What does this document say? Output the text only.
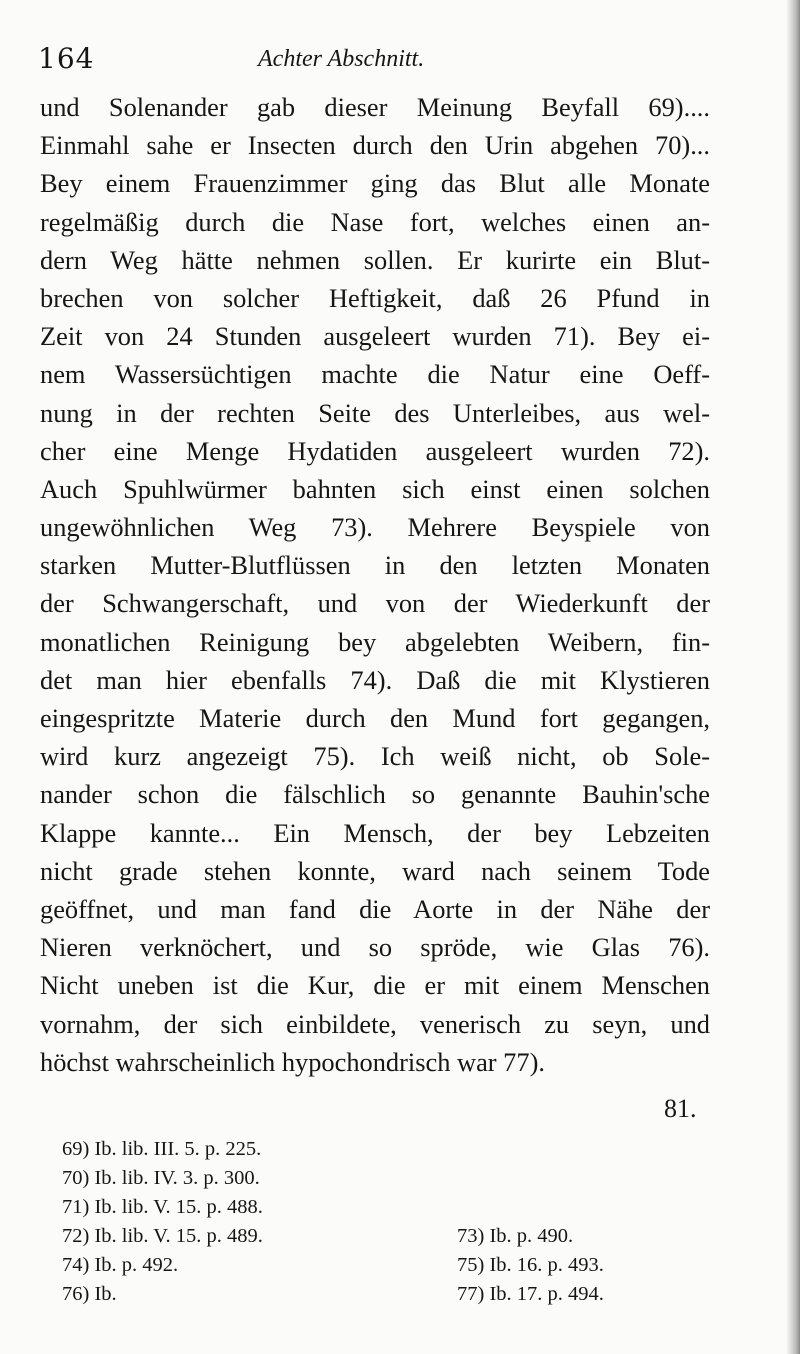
164	Achter Abschnitt.
und Solenander gab dieser Meinung Beyfall 69)....
Einmahl sahe er Insecten durch den Urin abgehen 70)...
Bey einem Frauenzimmer ging das Blut alle Monate
regelmäßig durch die Nase fort, welches einen an-
dern Weg hätte nehmen sollen. Er kurirte ein Blut-
brechen von solcher Heftigkeit, daß 26 Pfund in
Zeit von 24 Stunden ausgeleert wurden 71). Bey ei-
nem Wassersüchtigen machte die Natur eine Oeff-
nung in der rechten Seite des Unterleibes, aus wel-
cher eine Menge Hydatiden ausgeleert wurden 72).
Auch Spuhlwürmer bahnten sich einst einen solchen
ungewöhnlichen Weg 73). Mehrere Beyspiele von
starken Mutter-Blutflüssen in den letzten Monaten
der Schwangerschaft, und von der Wiederkunft der
monatlichen Reinigung bey abgelebten Weibern, fin-
det man hier ebenfalls 74). Daß die mit Klystieren
eingespritzte Materie durch den Mund fort gegangen,
wird kurz angezeigt 75). Ich weiß nicht, ob Sole-
nander schon die fälschlich so genannte Bauhin'sche
Klappe kannte... Ein Mensch, der bey Lebzeiten
nicht grade stehen konnte, ward nach seinem Tode
geöffnet, und man fand die Aorte in der Nähe der
Nieren verknöchert, und so spröde, wie Glas 76).
Nicht uneben ist die Kur, die er mit einem Menschen
vornahm, der sich einbildete, venerisch zu seyn, und
höchst wahrscheinlich hypochondrisch war 77).
81.
69) Ib. lib. III. 5. p. 225.
70) Ib. lib. IV. 3. p. 300.
71) Ib. lib. V. 15. p. 488.
72) Ib. lib. V. 15. p. 489.	73) Ib. p. 490.
74) Ib. p. 492.	75) Ib. 16. p. 493.
76) Ib.	77) Ib. 17. p. 494.
